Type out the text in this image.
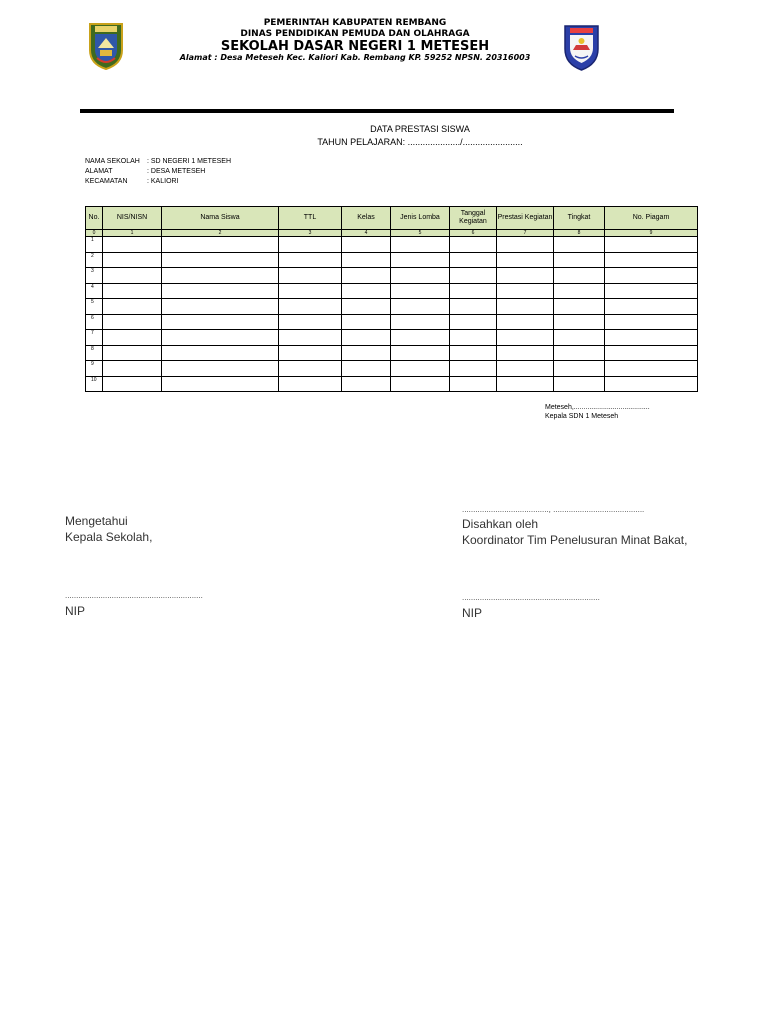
PEMERINTAH KABUPATEN REMBANG
DINAS PENDIDIKAN PEMUDA DAN OLAHRAGA
SEKOLAH DASAR NEGERI 1 METESEH
Alamat : Desa Meteseh Kec. Kaliori Kab. Rembang KP. 59252 NPSN. 20316003
DATA PRESTASI SISWA
TAHUN PELAJARAN: ...................../........................
NAMA SEKOLAH : SD NEGERI 1 METESEH
ALAMAT	: DESA METESEH
KECAMATAN	: KALIORI
No.	NIS/NISN	Nama Siswa	TTL	Kelas	Jenis Lomba	Tanggal Kegiatan	Prestasi Kegiatan	Tingkat	No. Piagam
0	1	2	3	4	5	6	7	8	9
1									
2									
3									
4									
5									
6									
7									
8									
9									
10									
Meteseh,.......................................
Kepala SDN 1 Meteseh
Mengetahui
Kepala Sekolah,
..............................................................
NIP
......................................., .........................................
Disahkan oleh
Koordinator Tim Penelusuran Minat Bakat,
..............................................................
NIP
